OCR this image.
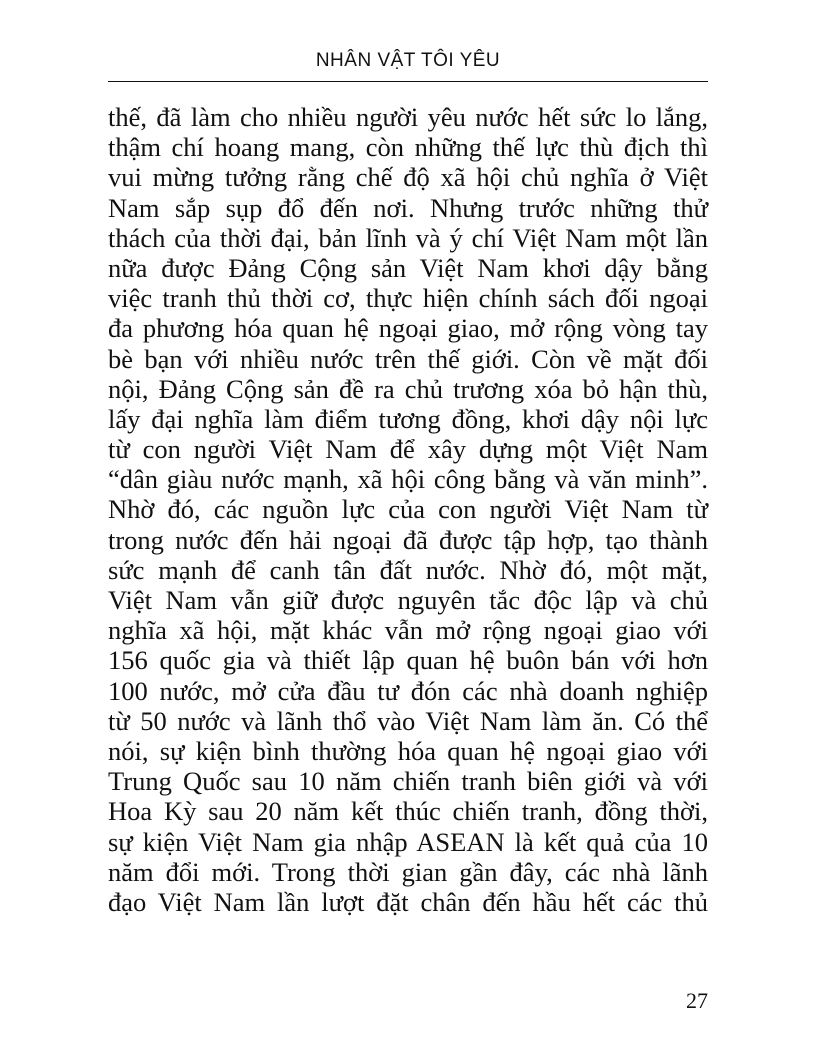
NHÂN VẬT TÔI YÊU

thế, đã làm cho nhiều người yêu nước hết sức lo lắng,
thậm chí hoang mang, còn những thế lực thù địch thì
vui mừng tưởng rằng chế độ xã hội chủ nghĩa ở Việt
Nam sắp sụp đổ đến nơi. Nhưng trước những thử
thách của thời đại, bản lĩnh và ý chí Việt Nam một lần
nữa được Đảng Cộng sản Việt Nam khơi dậy bằng
việc tranh thủ thời cơ, thực hiện chính sách đối ngoại
đa phương hóa quan hệ ngoại giao, mở rộng vòng tay
bè bạn với nhiều nước trên thế giới. Còn về mặt đối
nội, Đảng Cộng sản đề ra chủ trương xóa bỏ hận thù,
lấy đại nghĩa làm điểm tương đồng, khơi dậy nội lực
từ con người Việt Nam để xây dựng một Việt Nam
“dân giàu nước mạnh, xã hội công bằng và văn minh”.
Nhờ đó, các nguồn lực của con người Việt Nam từ
trong nước đến hải ngoại đã được tập hợp, tạo thành
sức mạnh để canh tân đất nước. Nhờ đó, một mặt,
Việt Nam vẫn giữ được nguyên tắc độc lập và chủ
nghĩa xã hội, mặt khác vẫn mở rộng ngoại giao với
156 quốc gia và thiết lập quan hệ buôn bán với hơn
100 nước, mở cửa đầu tư đón các nhà doanh nghiệp
từ 50 nước và lãnh thổ vào Việt Nam làm ăn. Có thể
nói, sự kiện bình thường hóa quan hệ ngoại giao với
Trung Quốc sau 10 năm chiến tranh biên giới và với
Hoa Kỳ sau 20 năm kết thúc chiến tranh, đồng thời,
sự kiện Việt Nam gia nhập ASEAN là kết quả của 10
năm đổi mới. Trong thời gian gần đây, các nhà lãnh
đạo Việt Nam lần lượt đặt chân đến hầu hết các thủ

27
